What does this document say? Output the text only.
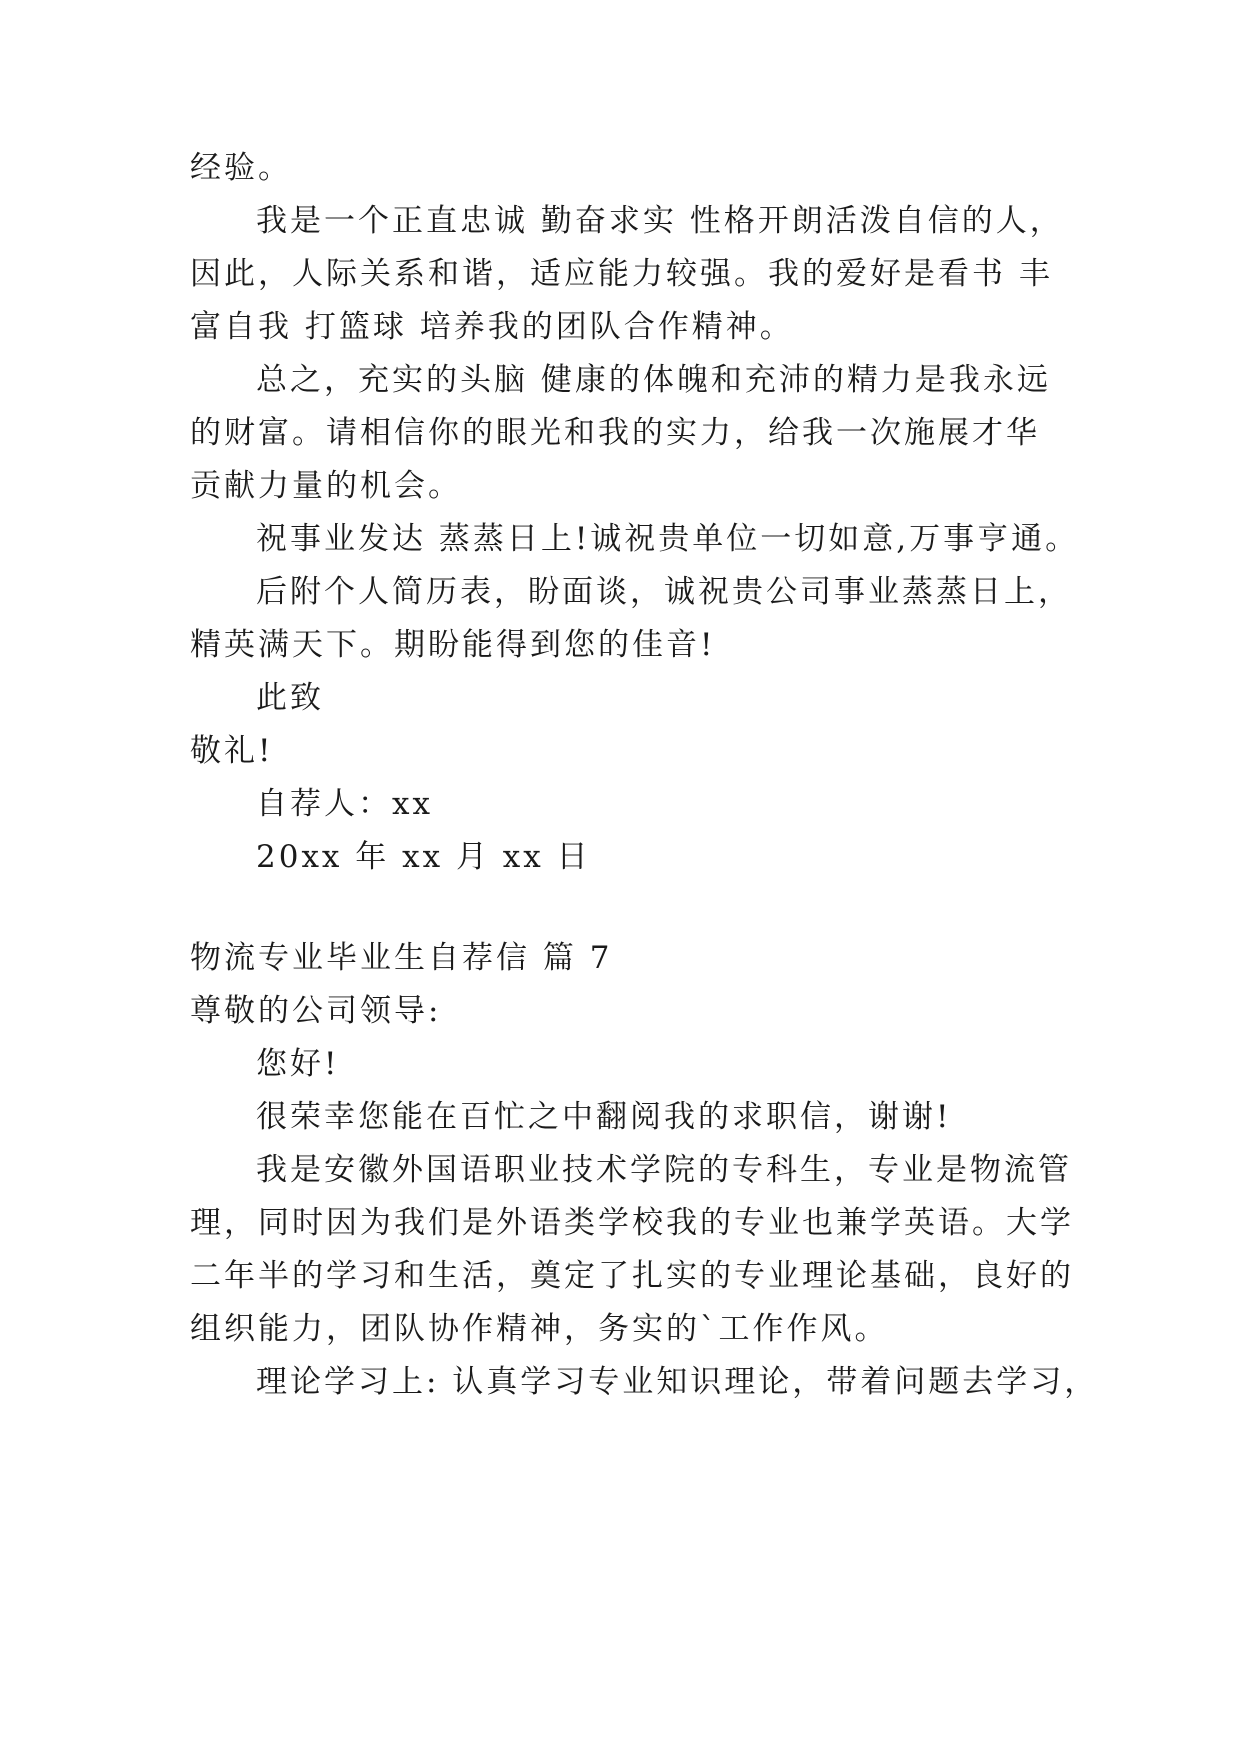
经验。
我是一个正直忠诚 勤奋求实 性格开朗活泼自信的人，
因此，人际关系和谐，适应能力较强。我的爱好是看书 丰
富自我 打篮球 培养我的团队合作精神。
总之，充实的头脑 健康的体魄和充沛的精力是我永远
的财富。请相信你的眼光和我的实力，给我一次施展才华
贡献力量的机会。
祝事业发达 蒸蒸日上!诚祝贵单位一切如意,万事亨通。
后附个人简历表，盼面谈，诚祝贵公司事业蒸蒸日上，
精英满天下。期盼能得到您的佳音!
此致
敬礼!
自荐人：xx
20xx 年 xx 月 xx 日
物流专业毕业生自荐信 篇 7
尊敬的公司领导:
您好!
很荣幸您能在百忙之中翻阅我的求职信，谢谢!
我是安徽外国语职业技术学院的专科生，专业是物流管
理，同时因为我们是外语类学校我的专业也兼学英语。大学
二年半的学习和生活，奠定了扎实的专业理论基础，良好的
组织能力，团队协作精神，务实的`工作作风。
理论学习上: 认真学习专业知识理论，带着问题去学习，
